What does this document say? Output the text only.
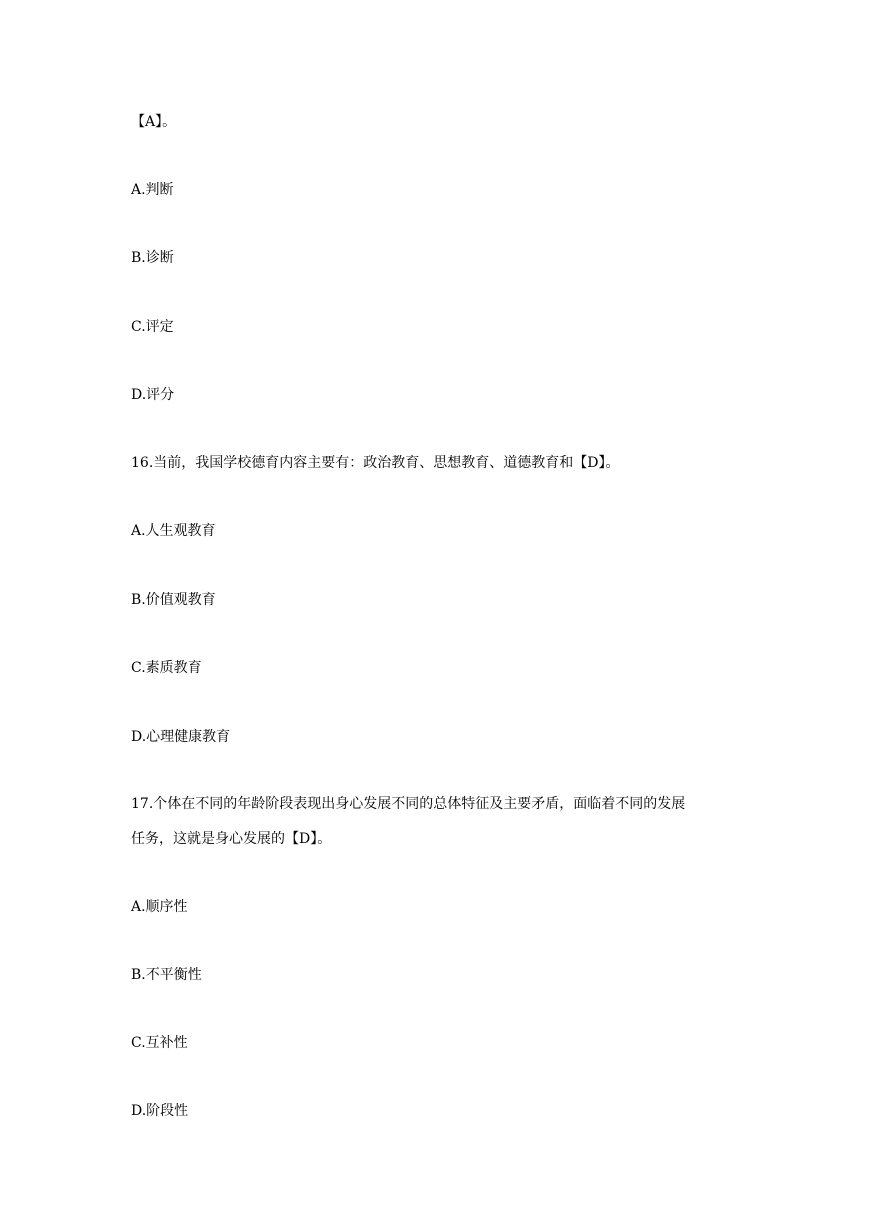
【A】。
A.判断
B.诊断
C.评定
D.评分
16.当前，我国学校德育内容主要有：政治教育、思想教育、道德教育和【D】。
A.人生观教育
B.价值观教育
C.素质教育
D.心理健康教育
17.个体在不同的年龄阶段表现出身心发展不同的总体特征及主要矛盾，面临着不同的发展
任务，这就是身心发展的【D】。
A.顺序性
B.不平衡性
C.互补性
D.阶段性
